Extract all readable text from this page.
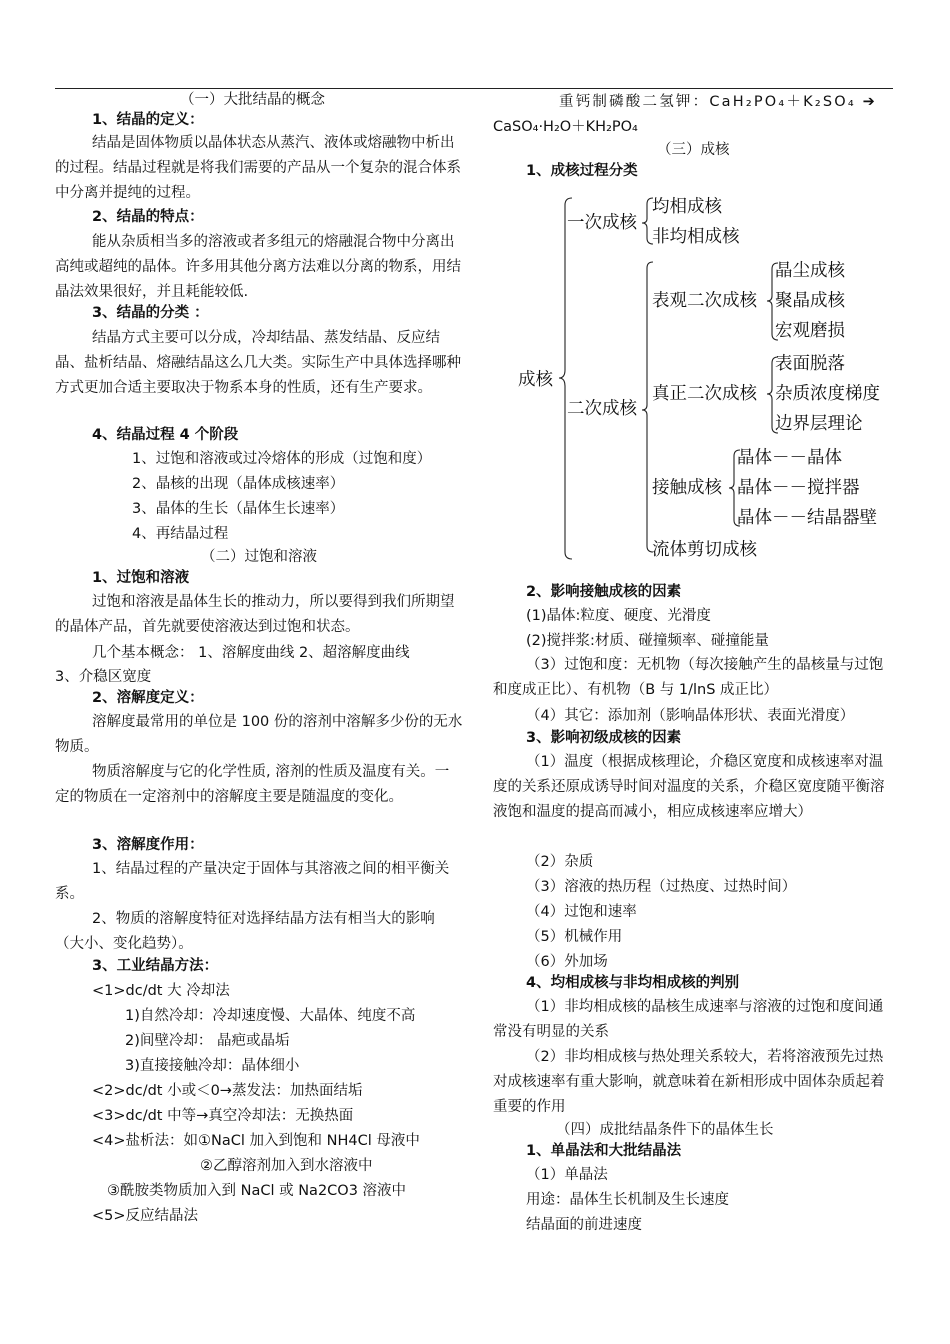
（一）大批结晶的概念
1、结晶的定义：
结晶是固体物质以晶体状态从蒸汽、液体或熔融物中析出的过程。结晶过程就是将我们需要的产品从一个复杂的混合体系中分离并提纯的过程。
2、结晶的特点：
能从杂质相当多的溶液或者多组元的熔融混合物中分离出高纯或超纯的晶体。许多用其他分离方法难以分离的物系，用结晶法效果很好，并且耗能较低.
3、结晶的分类 ：
结晶方式主要可以分成，冷却结晶、蒸发结晶、反应结晶、盐析结晶、熔融结晶这么几大类。实际生产中具体选择哪种方式更加合适主要取决于物系本身的性质，还有生产要求。
4、结晶过程 4 个阶段
1、过饱和溶液或过冷熔体的形成（过饱和度）
2、晶核的出现（晶体成核速率）
3、晶体的生长（晶体生长速率）
4、再结晶过程
（二）过饱和溶液
1、过饱和溶液
过饱和溶液是晶体生长的推动力，所以要得到我们所期望的晶体产品，首先就要使溶液达到过饱和状态。
几个基本概念： 1、溶解度曲线 2、超溶解度曲线
3、介稳区宽度
2、溶解度定义：
溶解度最常用的单位是 100 份的溶剂中溶解多少份的无水物质。
物质溶解度与它的化学性质, 溶剂的性质及温度有关。一定的物质在一定溶剂中的溶解度主要是随温度的变化。
3、溶解度作用：
1、结晶过程的产量决定于固体与其溶液之间的相平衡关系。
2、物质的溶解度特征对选择结晶方法有相当大的影响（大小、变化趋势）。
3、工业结晶方法：
<1>dc/dt 大 冷却法
1)自然冷却：冷却速度慢、大晶体、纯度不高
2)间壁冷却： 晶疤或晶垢
3)直接接触冷却：晶体细小
<2>dc/dt 小或＜0→蒸发法：加热面结垢
<3>dc/dt 中等→真空冷却法：无换热面
<4>盐析法：如①NaCl 加入到饱和 NH4Cl 母液中
②乙醇溶剂加入到水溶液中
③酰胺类物质加入到 NaCl 或 Na2CO3 溶液中
<5>反应结晶法
重钙制磷酸二氢钾：CaH₂PO₄＋K₂SO₄ ➔
CaSO₄·H₂O＋KH₂PO₄
（三）成核
1、成核过程分类
2、影响接触成核的因素
(1)晶体:粒度、硬度、光滑度
(2)搅拌浆:材质、碰撞频率、碰撞能量
（3）过饱和度：无机物（每次接触产生的晶核量与过饱和度成正比）、有机物（B 与 1/lnS 成正比）
（4）其它：添加剂（影响晶体形状、表面光滑度）
3、影响初级成核的因素
（1）温度（根据成核理论，介稳区宽度和成核速率对温度的关系还原成诱导时间对温度的关系，介稳区宽度随平衡溶液饱和温度的提高而减小，相应成核速率应增大）
（2）杂质
（3）溶液的热历程（过热度、过热时间）
（4）过饱和速率
（5）机械作用
（6）外加场
4、均相成核与非均相成核的判别
（1）非均相成核的晶核生成速率与溶液的过饱和度间通常没有明显的关系
（2）非均相成核与热处理关系较大，若将溶液预先过热对成核速率有重大影响，就意味着在新相形成中固体杂质起着重要的作用
（四）成批结晶条件下的晶体生长
1、单晶法和大批结晶法
（1）单晶法
用途：晶体生长机制及生长速度
结晶面的前进速度
成核
一次成核
均相成核
非均相成核
二次成核
表观二次成核
晶尘成核
聚晶成核
宏观磨损
真正二次成核
表面脱落
杂质浓度梯度
边界层理论
接触成核
晶体－－晶体
晶体－－搅拌器
晶体－－结晶器壁
流体剪切成核
